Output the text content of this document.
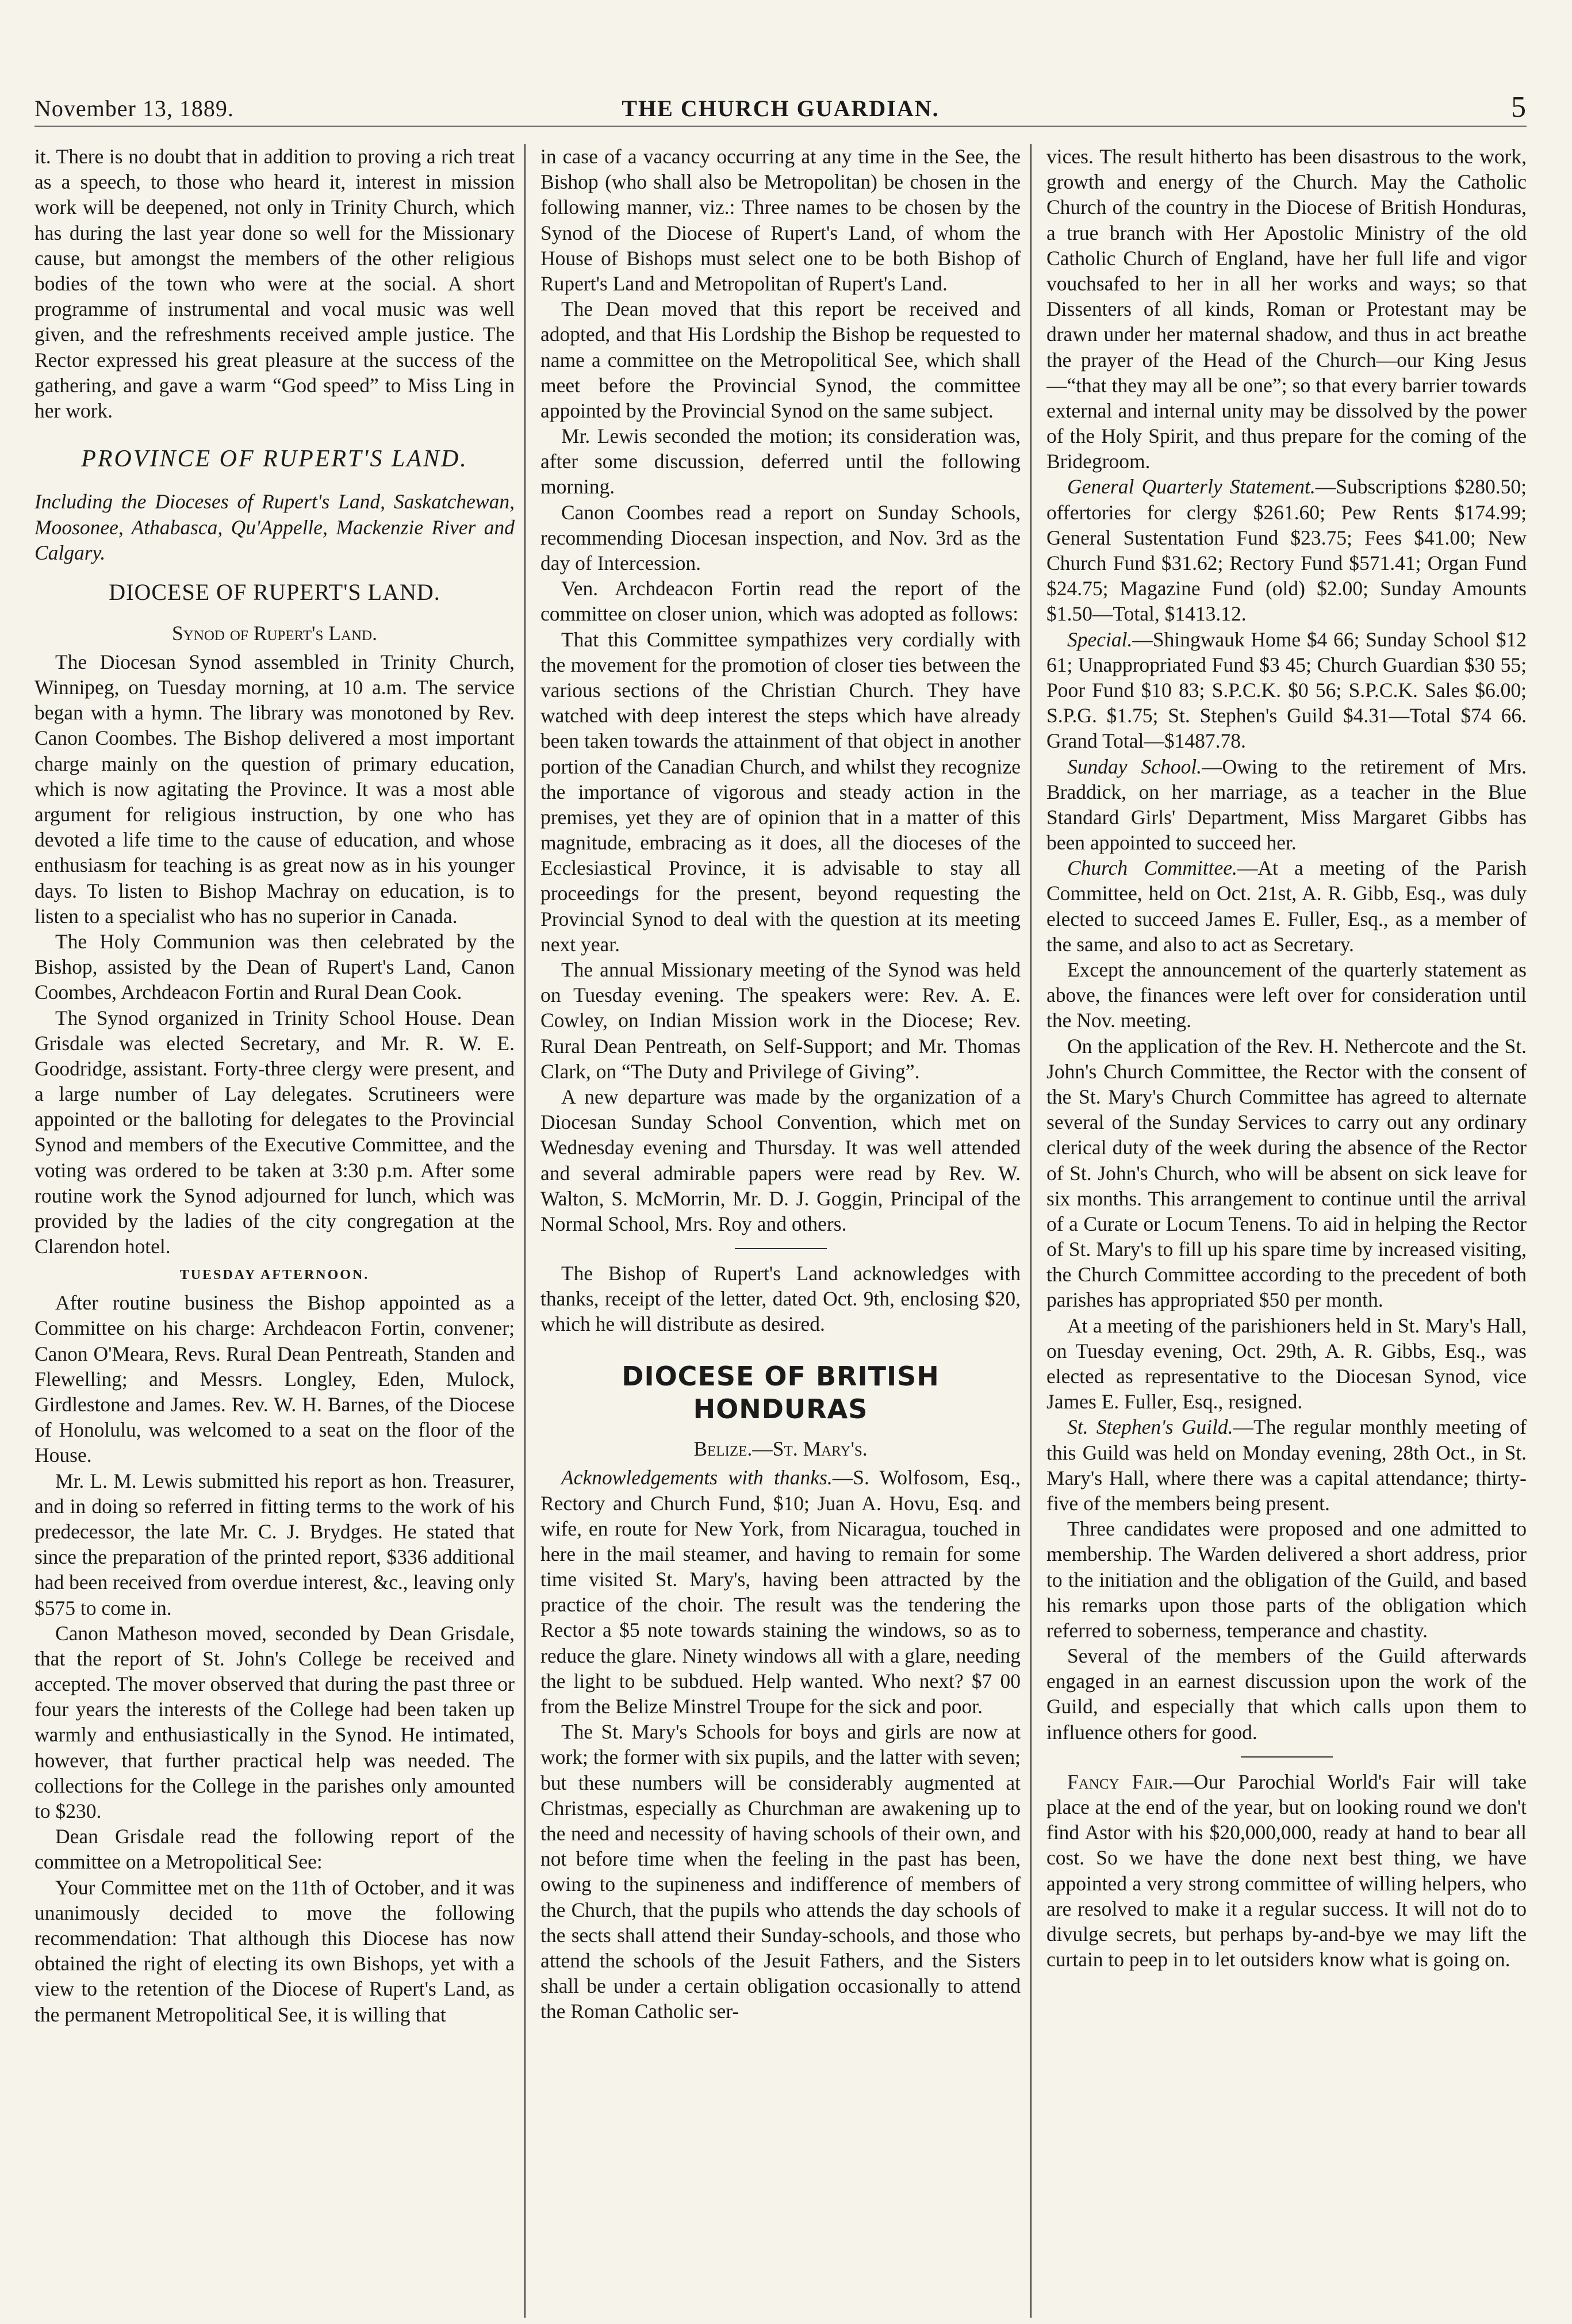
November 13, 1889.	THE CHURCH GUARDIAN.	5

it. There is no doubt that in addition to proving a rich treat as a speech, to those who heard it, interest in mission work will be deepened, not only in Trinity Church, which has during the last year done so well for the Missionary cause, but amongst the members of the other religious bodies of the town who were at the social. A short programme of instrumental and vocal music was well given, and the refreshments received ample justice. The Rector expressed his great pleasure at the success of the gathering, and gave a warm “God speed” to Miss Ling in her work.

PROVINCE OF RUPERT'S LAND.

Including the Dioceses of Rupert's Land, Saskatchewan, Moosonee, Athabasca, Qu'Appelle, Mackenzie River and Calgary.

DIOCESE OF RUPERT'S LAND.

Synod of Rupert's Land.

The Diocesan Synod assembled in Trinity Church, Winnipeg, on Tuesday morning, at 10 a.m. The service began with a hymn. The library was monotoned by Rev. Canon Coombes. The Bishop delivered a most important charge mainly on the question of primary education, which is now agitating the Province. It was a most able argument for religious instruction, by one who has devoted a life time to the cause of education, and whose enthusiasm for teaching is as great now as in his younger days. To listen to Bishop Machray on education, is to listen to a specialist who has no superior in Canada.

The Holy Communion was then celebrated by the Bishop, assisted by the Dean of Rupert's Land, Canon Coombes, Archdeacon Fortin and Rural Dean Cook.

The Synod organized in Trinity School House. Dean Grisdale was elected Secretary, and Mr. R. W. E. Goodridge, assistant. Forty-three clergy were present, and a large number of Lay delegates. Scrutineers were appointed or the balloting for delegates to the Provincial Synod and members of the Executive Committee, and the voting was ordered to be taken at 3:30 p.m. After some routine work the Synod adjourned for lunch, which was provided by the ladies of the city congregation at the Clarendon hotel.

TUESDAY AFTERNOON.

After routine business the Bishop appointed as a Committee on his charge: Archdeacon Fortin, convener; Canon O'Meara, Revs. Rural Dean Pentreath, Standen and Flewelling; and Messrs. Longley, Eden, Mulock, Girdlestone and James. Rev. W. H. Barnes, of the Diocese of Honolulu, was welcomed to a seat on the floor of the House.

Mr. L. M. Lewis submitted his report as hon. Treasurer, and in doing so referred in fitting terms to the work of his predecessor, the late Mr. C. J. Brydges. He stated that since the preparation of the printed report, $336 additional had been received from overdue interest, &c., leaving only $575 to come in.

Canon Matheson moved, seconded by Dean Grisdale, that the report of St. John's College be received and accepted. The mover observed that during the past three or four years the interests of the College had been taken up warmly and enthusiastically in the Synod. He intimated, however, that further practical help was needed. The collections for the College in the parishes only amounted to $230.

Dean Grisdale read the following report of the committee on a Metropolitical See:

Your Committee met on the 11th of October, and it was unanimously decided to move the following recommendation: That although this Diocese has now obtained the right of electing its own Bishops, yet with a view to the retention of the Diocese of Rupert's Land, as the permanent Metropolitical See, it is willing that

in case of a vacancy occurring at any time in the See, the Bishop (who shall also be Metropolitan) be chosen in the following manner, viz.: Three names to be chosen by the Synod of the Diocese of Rupert's Land, of whom the House of Bishops must select one to be both Bishop of Rupert's Land and Metropolitan of Rupert's Land.

The Dean moved that this report be received and adopted, and that His Lordship the Bishop be requested to name a committee on the Metropolitical See, which shall meet before the Provincial Synod, the committee appointed by the Provincial Synod on the same subject.

Mr. Lewis seconded the motion; its consideration was, after some discussion, deferred until the following morning.

Canon Coombes read a report on Sunday Schools, recommending Diocesan inspection, and Nov. 3rd as the day of Intercession.

Ven. Archdeacon Fortin read the report of the committee on closer union, which was adopted as follows:

That this Committee sympathizes very cordially with the movement for the promotion of closer ties between the various sections of the Christian Church. They have watched with deep interest the steps which have already been taken towards the attainment of that object in another portion of the Canadian Church, and whilst they recognize the importance of vigorous and steady action in the premises, yet they are of opinion that in a matter of this magnitude, embracing as it does, all the dioceses of the Ecclesiastical Province, it is advisable to stay all proceedings for the present, beyond requesting the Provincial Synod to deal with the question at its meeting next year.

The annual Missionary meeting of the Synod was held on Tuesday evening. The speakers were: Rev. A. E. Cowley, on Indian Mission work in the Diocese; Rev. Rural Dean Pentreath, on Self-Support; and Mr. Thomas Clark, on “The Duty and Privilege of Giving”.

A new departure was made by the organization of a Diocesan Sunday School Convention, which met on Wednesday evening and Thursday. It was well attended and several admirable papers were read by Rev. W. Walton, S. McMorrin, Mr. D. J. Goggin, Principal of the Normal School, Mrs. Roy and others.

The Bishop of Rupert's Land acknowledges with thanks, receipt of the letter, dated Oct. 9th, enclosing $20, which he will distribute as desired.

DIOCESE OF BRITISH HONDURAS

Belize.—St. Mary's.

Acknowledgements with thanks.—S. Wolfosom, Esq., Rectory and Church Fund, $10; Juan A. Hovu, Esq. and wife, en route for New York, from Nicaragua, touched in here in the mail steamer, and having to remain for some time visited St. Mary's, having been attracted by the practice of the choir. The result was the tendering the Rector a $5 note towards staining the windows, so as to reduce the glare. Ninety windows all with a glare, needing the light to be subdued. Help wanted. Who next? $7 00 from the Belize Minstrel Troupe for the sick and poor.

The St. Mary's Schools for boys and girls are now at work; the former with six pupils, and the latter with seven; but these numbers will be considerably augmented at Christmas, especially as Churchman are awakening up to the need and necessity of having schools of their own, and not before time when the feeling in the past has been, owing to the supineness and indifference of members of the Church, that the pupils who attends the day schools of the sects shall attend their Sunday-schools, and those who attend the schools of the Jesuit Fathers, and the Sisters shall be under a certain obligation occasionally to attend the Roman Catholic ser-

vices. The result hitherto has been disastrous to the work, growth and energy of the Church. May the Catholic Church of the country in the Diocese of British Honduras, a true branch with Her Apostolic Ministry of the old Catholic Church of England, have her full life and vigor vouchsafed to her in all her works and ways; so that Dissenters of all kinds, Roman or Protestant may be drawn under her maternal shadow, and thus in act breathe the prayer of the Head of the Church—our King Jesus—“that they may all be one”; so that every barrier towards external and internal unity may be dissolved by the power of the Holy Spirit, and thus prepare for the coming of the Bridegroom.

General Quarterly Statement.—Subscriptions $280.50; offertories for clergy $261.60; Pew Rents $174.99; General Sustentation Fund $23.75; Fees $41.00; New Church Fund $31.62; Rectory Fund $571.41; Organ Fund $24.75; Magazine Fund (old) $2.00; Sunday Amounts $1.50—Total, $1413.12.

Special.—Shingwauk Home $4 66; Sunday School $12 61; Unappropriated Fund $3 45; Church Guardian $30 55; Poor Fund $10 83; S.P.C.K. $0 56; S.P.C.K. Sales $6.00; S.P.G. $1.75; St. Stephen's Guild $4.31—Total $74 66. Grand Total—$1487.78.

Sunday School.—Owing to the retirement of Mrs. Braddick, on her marriage, as a teacher in the Blue Standard Girls' Department, Miss Margaret Gibbs has been appointed to succeed her.

Church Committee.—At a meeting of the Parish Committee, held on Oct. 21st, A. R. Gibb, Esq., was duly elected to succeed James E. Fuller, Esq., as a member of the same, and also to act as Secretary.

Except the announcement of the quarterly statement as above, the finances were left over for consideration until the Nov. meeting.

On the application of the Rev. H. Nethercote and the St. John's Church Committee, the Rector with the consent of the St. Mary's Church Committee has agreed to alternate several of the Sunday Services to carry out any ordinary clerical duty of the week during the absence of the Rector of St. John's Church, who will be absent on sick leave for six months. This arrangement to continue until the arrival of a Curate or Locum Tenens. To aid in helping the Rector of St. Mary's to fill up his spare time by increased visiting, the Church Committee according to the precedent of both parishes has appropriated $50 per month.

At a meeting of the parishioners held in St. Mary's Hall, on Tuesday evening, Oct. 29th, A. R. Gibbs, Esq., was elected as representative to the Diocesan Synod, vice James E. Fuller, Esq., resigned.

St. Stephen's Guild.—The regular monthly meeting of this Guild was held on Monday evening, 28th Oct., in St. Mary's Hall, where there was a capital attendance; thirty-five of the members being present.

Three candidates were proposed and one admitted to membership. The Warden delivered a short address, prior to the initiation and the obligation of the Guild, and based his remarks upon those parts of the obligation which referred to soberness, temperance and chastity.

Several of the members of the Guild afterwards engaged in an earnest discussion upon the work of the Guild, and especially that which calls upon them to influence others for good.

Fancy Fair.—Our Parochial World's Fair will take place at the end of the year, but on looking round we don't find Astor with his $20,000,000, ready at hand to bear all cost. So we have the done next best thing, we have appointed a very strong committee of willing helpers, who are resolved to make it a regular success. It will not do to divulge secrets, but perhaps by-and-bye we may lift the curtain to peep in to let outsiders know what is going on.
